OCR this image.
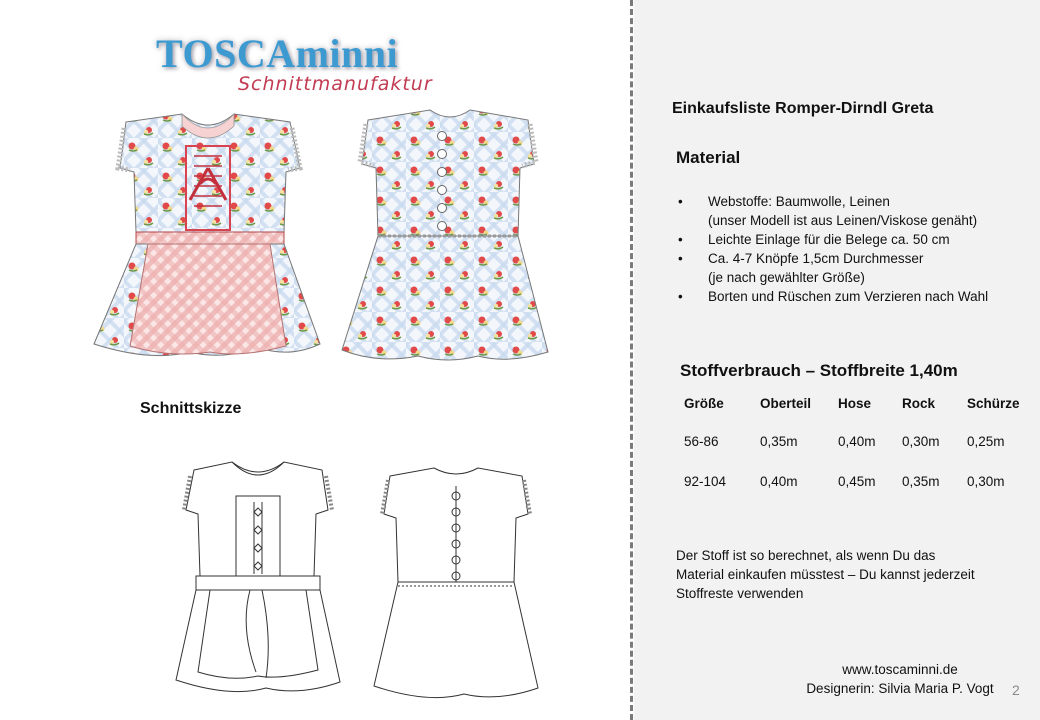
TOSCAminni
Schnittmanufaktur
Schnittskizze
Einkaufsliste Romper-Dirndl Greta
Material
• Webstoffe: Baumwolle, Leinen
(unser Modell ist aus Leinen/Viskose genäht)
• Leichte Einlage für die Belege ca. 50 cm
• Ca. 4-7 Knöpfe 1,5cm Durchmesser
(je nach gewählter Größe)
• Borten und Rüschen zum Verzieren nach Wahl
Stoffverbrauch – Stoffbreite 1,40m
Größe	Oberteil Hose Rock Schürze
56-86	0,35m	0,40m 0,30m 0,25m
92-104	0,40m	0,45m 0,35m 0,30m
Der Stoff ist so berechnet, als wenn Du das
Material einkaufen müsstest – Du kannst jederzeit
Stoffreste verwenden
www.toscaminni.de
Designerin: Silvia Maria P. Vogt	2
